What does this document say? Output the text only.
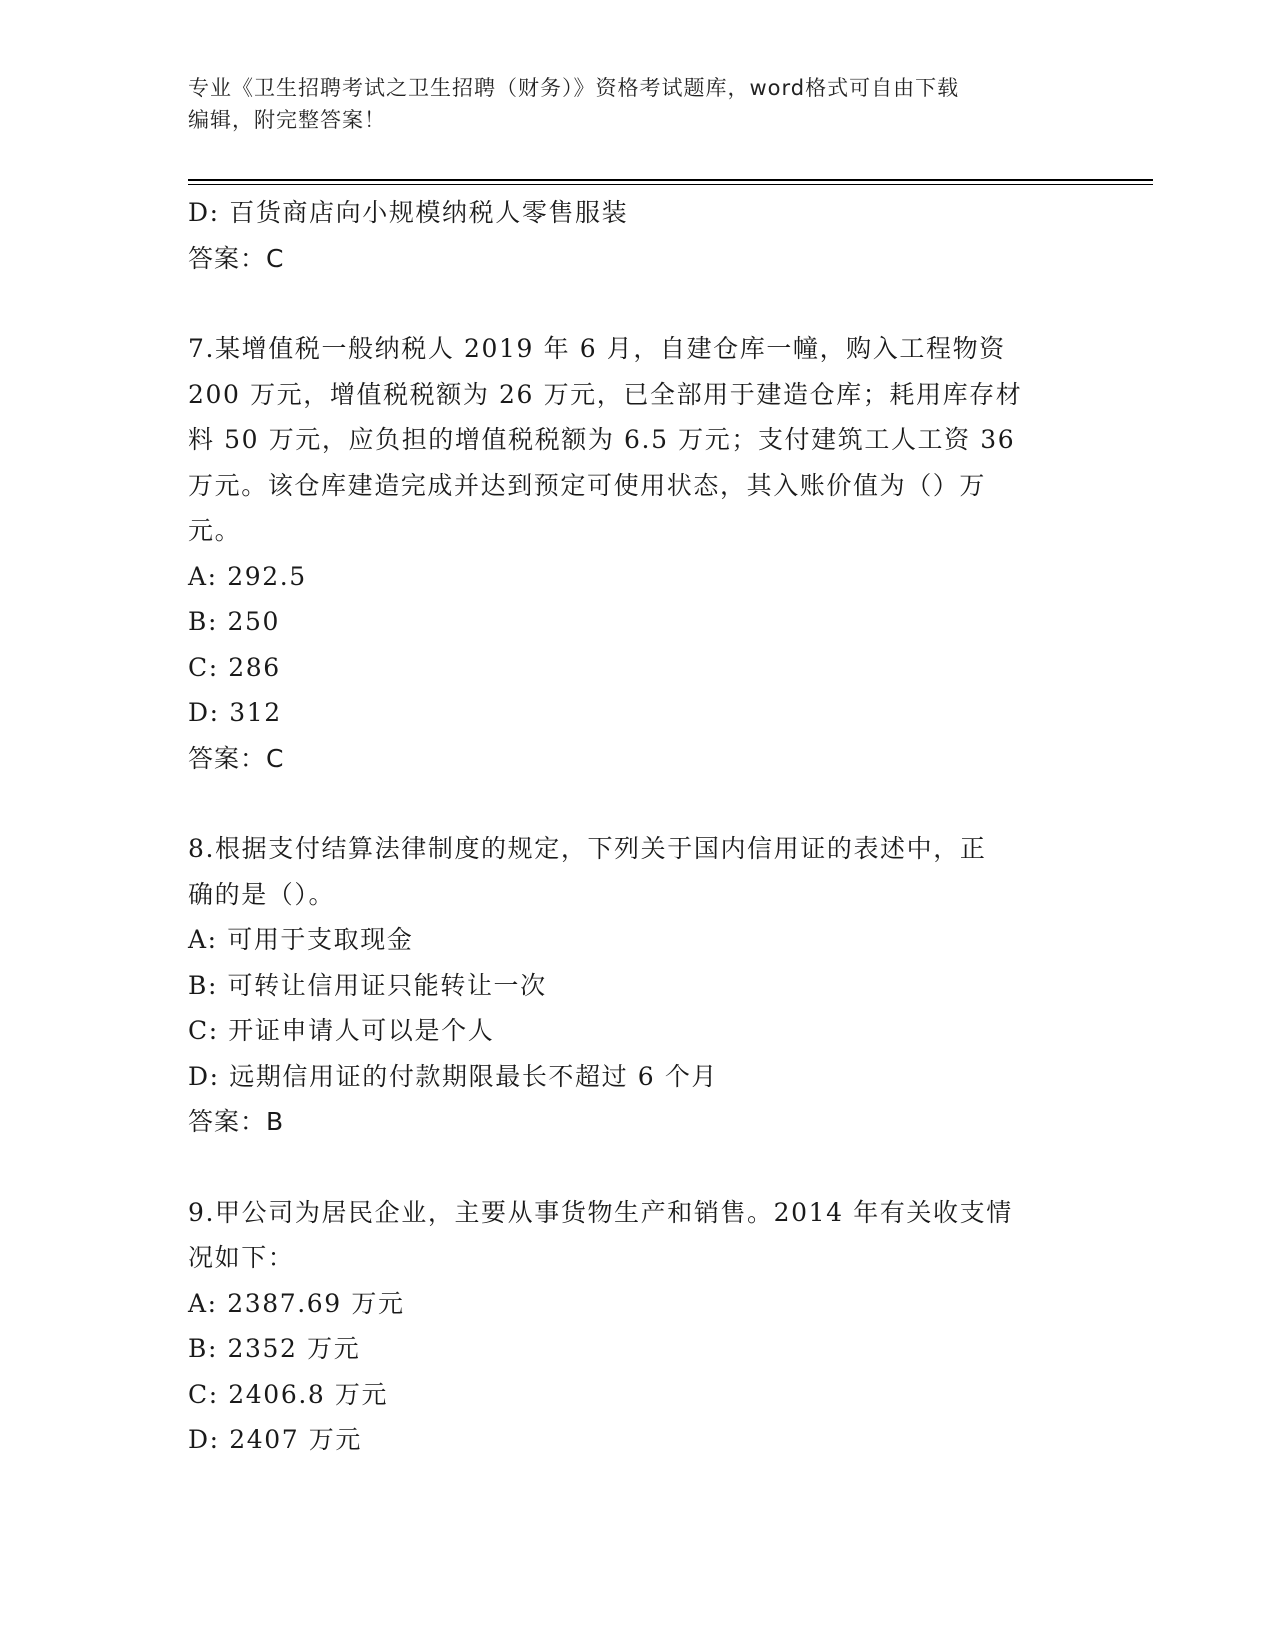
专业《卫生招聘考试之卫生招聘（财务）》资格考试题库，word格式可自由下载
编辑，附完整答案！
D: 百货商店向小规模纳税人零售服装
答案：C
7.某增值税一般纳税人 2019 年 6 月，自建仓库一幢，购入工程物资
200 万元，增值税税额为 26 万元，已全部用于建造仓库；耗用库存材
料 50 万元，应负担的增值税税额为 6.5 万元；支付建筑工人工资 36
万元。该仓库建造完成并达到预定可使用状态，其入账价值为（）万
元。
A: 292.5
B: 250
C: 286
D: 312
答案：C
8.根据支付结算法律制度的规定，下列关于国内信用证的表述中，正
确的是（）。
A: 可用于支取现金
B: 可转让信用证只能转让一次
C: 开证申请人可以是个人
D: 远期信用证的付款期限最长不超过 6 个月
答案：B
9.甲公司为居民企业，主要从事货物生产和销售。2014 年有关收支情
况如下：
A: 2387.69 万元
B: 2352 万元
C: 2406.8 万元
D: 2407 万元
